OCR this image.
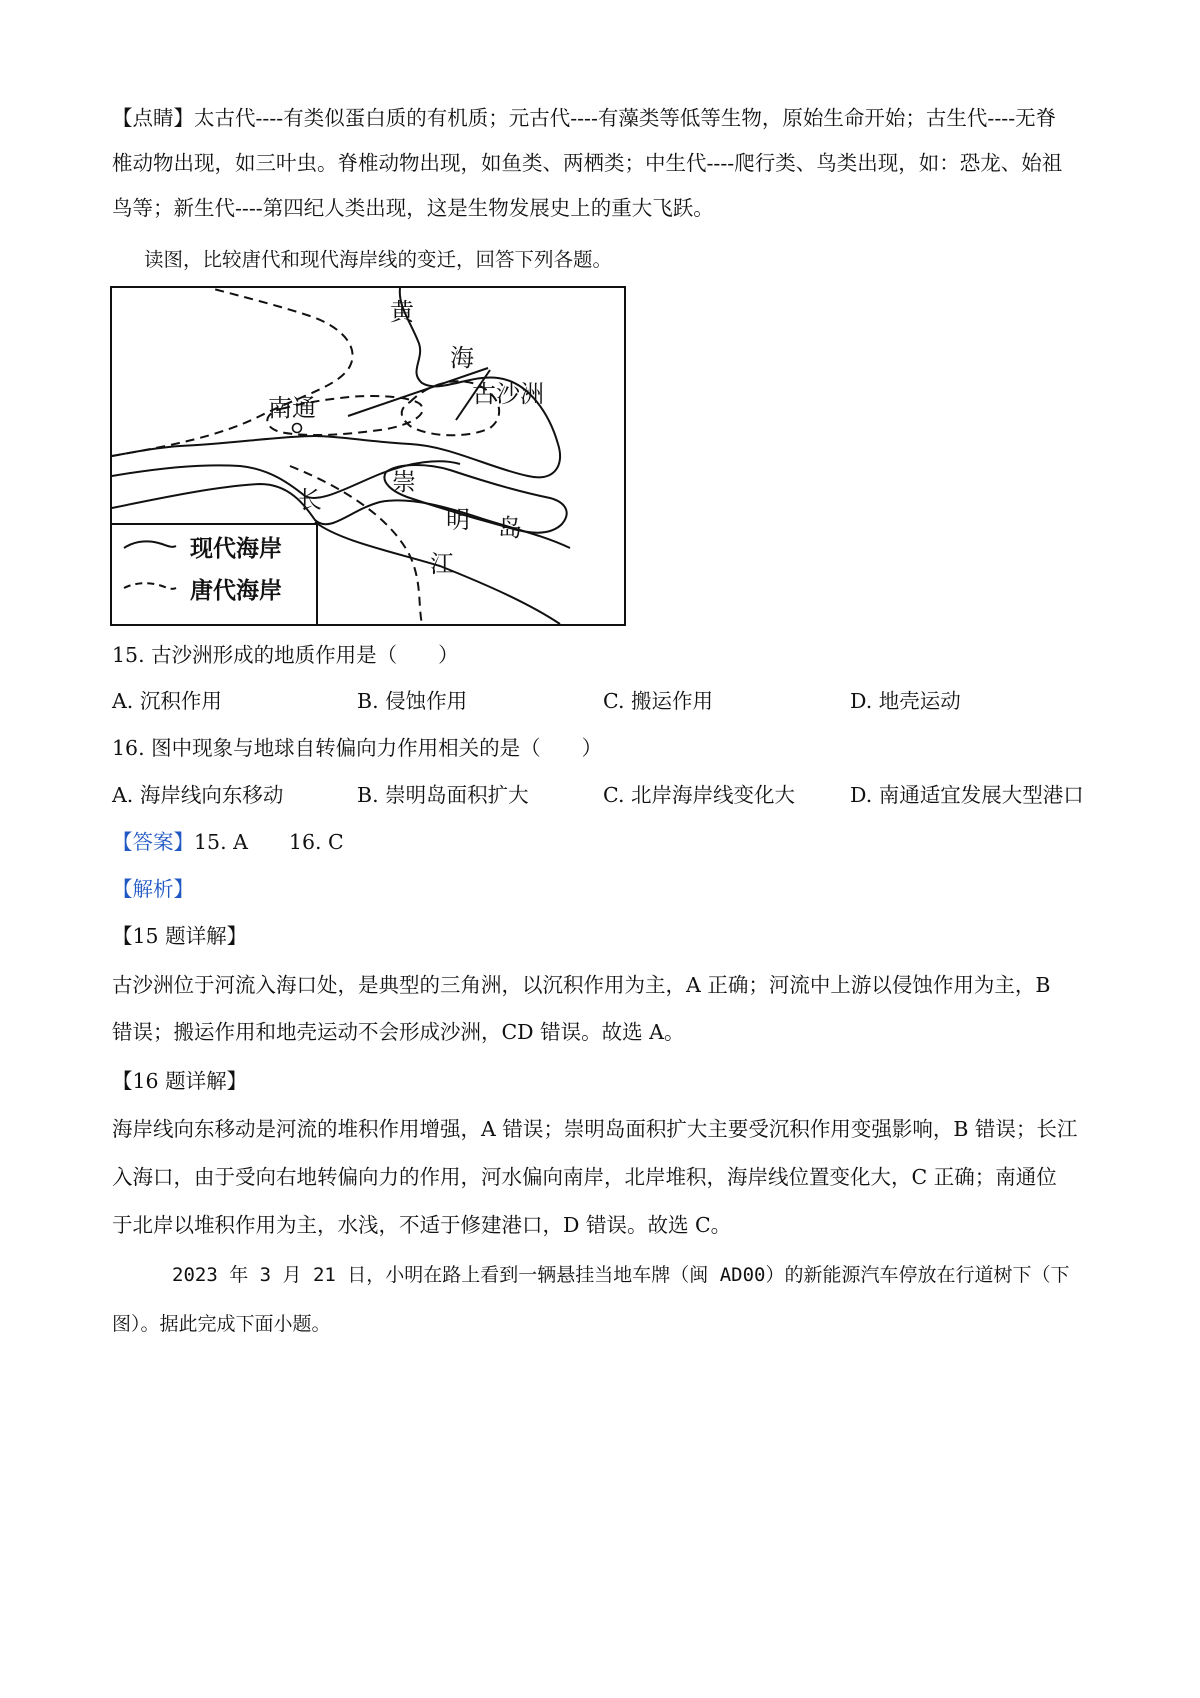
【点睛】太古代----有类似蛋白质的有机质；元古代----有藻类等低等生物，原始生命开始；古生代----无脊
椎动物出现，如三叶虫。脊椎动物出现，如鱼类、两栖类；中生代----爬行类、鸟类出现，如：恐龙、始祖
鸟等；新生代----第四纪人类出现，这是生物发展史上的重大飞跃。
读图，比较唐代和现代海岸线的变迁，回答下列各题。
黄
海
古沙洲
南通
长
崇
明 岛
江
现代海岸
唐代海岸
15. 古沙洲形成的地质作用是（　　）
A. 沉积作用	B. 侵蚀作用	C. 搬运作用	D. 地壳运动
16. 图中现象与地球自转偏向力作用相关的是（　　）
A. 海岸线向东移动	B. 崇明岛面积扩大	C. 北岸海岸线变化大	D. 南通适宜发展大型港口
【答案】15. A　　16. C
【解析】
【15 题详解】
古沙洲位于河流入海口处，是典型的三角洲，以沉积作用为主，A 正确；河流中上游以侵蚀作用为主，B
错误；搬运作用和地壳运动不会形成沙洲，CD 错误。故选 A。
【16 题详解】
海岸线向东移动是河流的堆积作用增强，A 错误；崇明岛面积扩大主要受沉积作用变强影响，B 错误；长江
入海口，由于受向右地转偏向力的作用，河水偏向南岸，北岸堆积，海岸线位置变化大，C 正确；南通位
于北岸以堆积作用为主，水浅，不适于修建港口，D 错误。故选 C。
2023 年 3 月 21 日，小明在路上看到一辆悬挂当地车牌（闽 AD00）的新能源汽车停放在行道树下（下
图）。据此完成下面小题。
